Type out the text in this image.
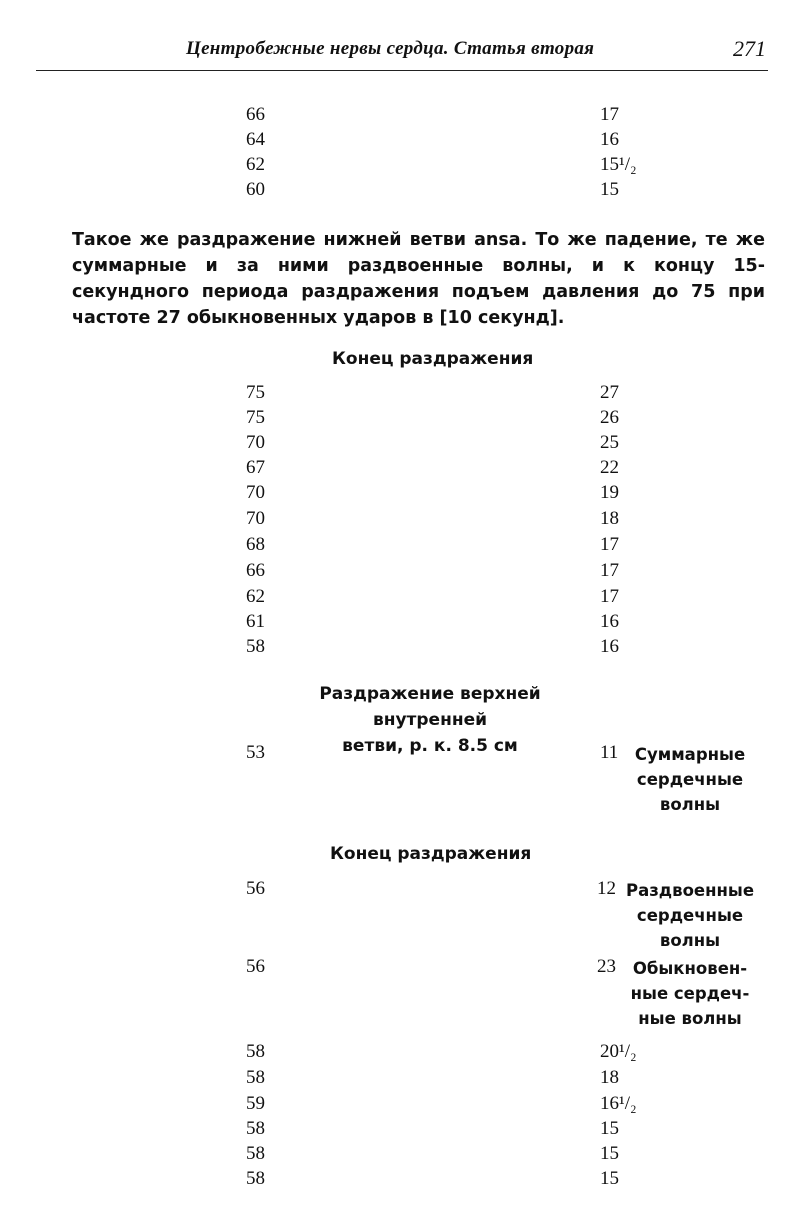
Центробежные нервы сердца. Статья вторая	271
66	17
64	16
62	15¹/₂
60	15
Такое же раздражение нижней ветви ansa. То же падение, те же суммарные и за ними раздвоенные волны, и к концу 15-секундного периода раздражения подъем давления до 75 при частоте 27 обыкновенных ударов в [10 секунд].
Конец раздражения
75	27
75	26
70	25
67	22
70	19
70	18
68	17
66	17
62	17
61	16
58	16
Раздражение верхней внутренней
ветви, р. к. 8.5 см
53	11	Суммарные
сердечные
волны
Конец раздражения
56	12 Раздвоенные
сердечные
волны
56	23	Обыкновен-
ные сердеч-
ные волны
58	20¹/₂
58	18
59	16¹/₂
58	15
58	15
58	15
